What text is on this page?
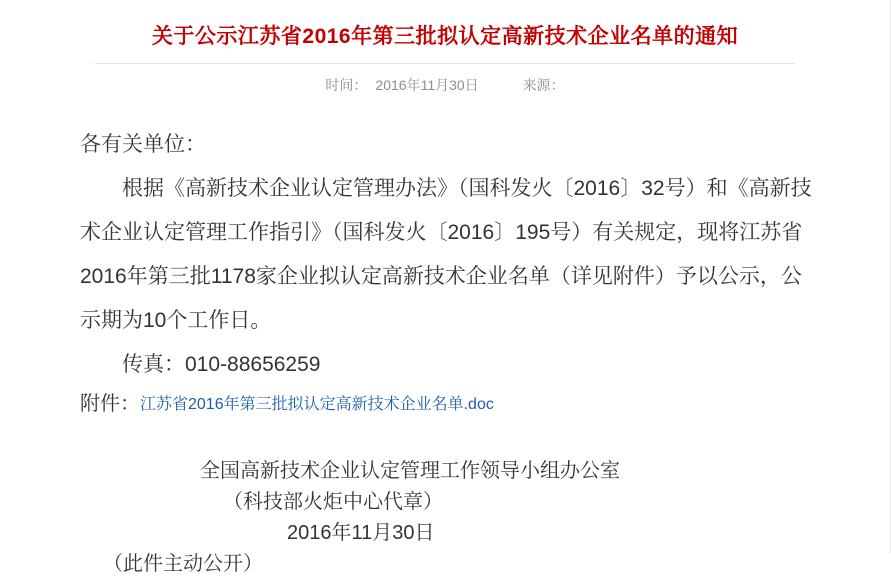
关于公示江苏省2016年第三批拟认定高新技术企业名单的通知
时间： 2016年11月30日	来源：

各有关单位：

根据《高新技术企业认定管理办法》（国科发火〔2016〕32号）和《高新技术企业认定管理工作指引》（国科发火〔2016〕195号）有关规定，现将江苏省2016年第三批1178家企业拟认定高新技术企业名单（详见附件）予以公示，公示期为10个工作日。

传真：010-88656259

附件：江苏省2016年第三批拟认定高新技术企业名单.doc

全国高新技术企业认定管理工作领导小组办公室
（科技部火炬中心代章）
2016年11月30日
（此件主动公开）
